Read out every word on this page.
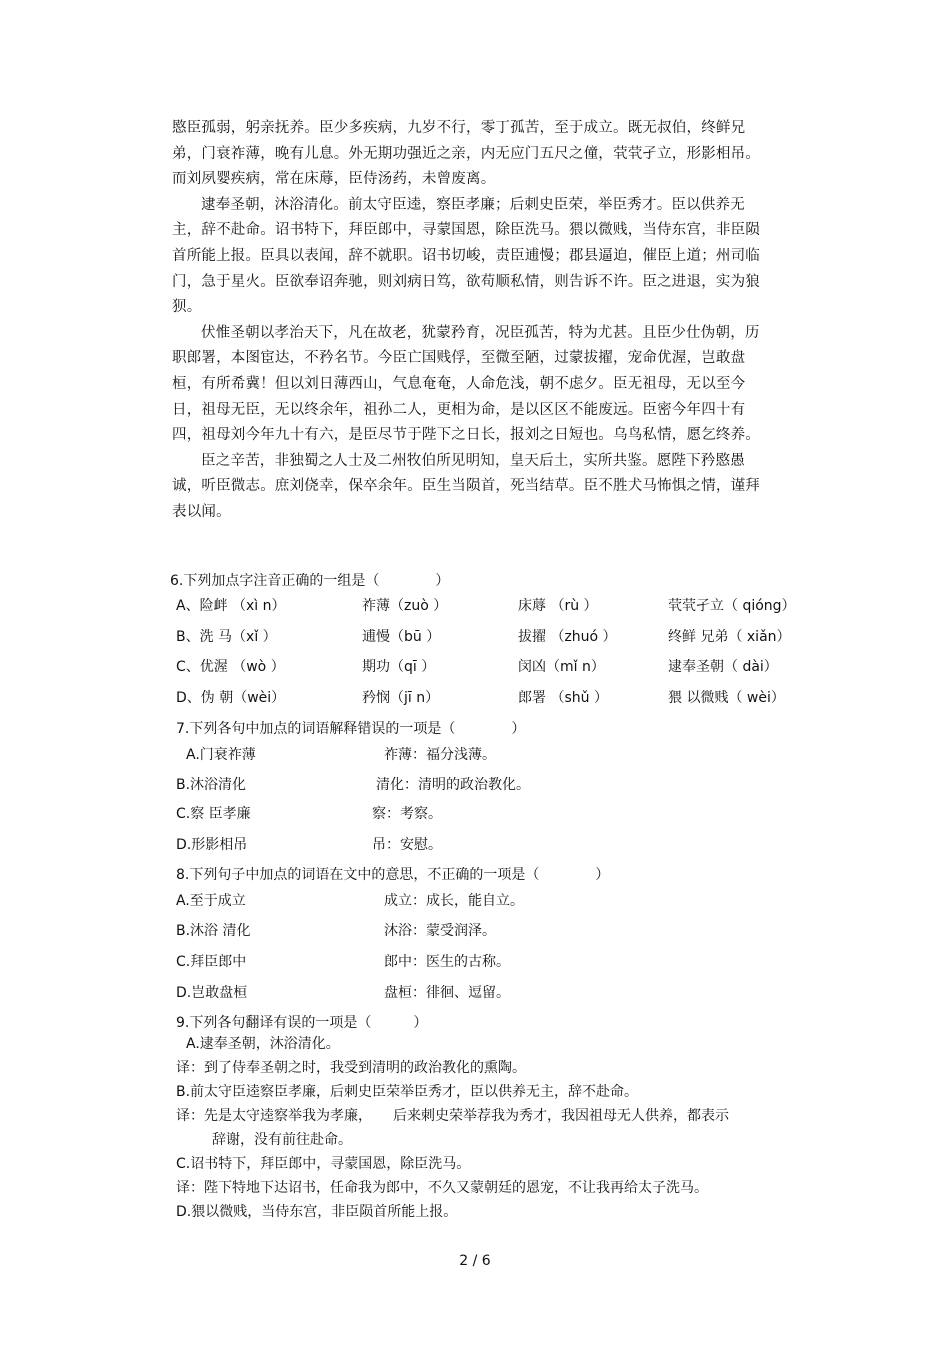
愍臣孤弱，躬亲抚养。臣少多疾病，九岁不行，零丁孤苦，至于成立。既无叔伯，终鲜兄弟，门衰祚薄，晚有儿息。外无期功强近之亲，内无应门五尺之僮，茕茕孑立，形影相吊。而刘夙婴疾病，常在床蓐，臣侍汤药，未曾废离。

逮奉圣朝，沐浴清化。前太守臣逵，察臣孝廉；后刺史臣荣，举臣秀才。臣以供养无主，辞不赴命。诏书特下，拜臣郎中，寻蒙国恩，除臣洗马。猥以微贱，当侍东宫，非臣陨首所能上报。臣具以表闻，辞不就职。诏书切峻，责臣逋慢；郡县逼迫，催臣上道；州司临门，急于星火。臣欲奉诏奔驰，则刘病日笃，欲苟顺私情，则告诉不许。臣之进退，实为狼狈。

伏惟圣朝以孝治天下，凡在故老，犹蒙矜育，况臣孤苦，特为尤甚。且臣少仕伪朝，历职郎署，本图宦达，不矜名节。今臣亡国贱俘，至微至陋，过蒙拔擢，宠命优渥，岂敢盘桓，有所希冀！但以刘日薄西山，气息奄奄，人命危浅，朝不虑夕。臣无祖母，无以至今日，祖母无臣，无以终余年，祖孙二人，更相为命，是以区区不能废远。臣密今年四十有四，祖母刘今年九十有六，是臣尽节于陛下之日长，报刘之日短也。乌鸟私情，愿乞终养。

臣之辛苦，非独蜀之人士及二州牧伯所见明知，皇天后土，实所共鉴。愿陛下矜愍愚诚，听臣微志。庶刘侥幸，保卒余年。臣生当陨首，死当结草。臣不胜犬马怖惧之情，谨拜表以闻。

6.下列加点字注音正确的一组是（　　　　）
A、险衅 （xì n）	祚薄（zuò ）	床蓐 （rù ）	茕茕孑立（ qióng）
B、洗 马（xǐ ）	逋慢（bū ）	拔擢 （zhuó ）	终鲜 兄弟（ xiǎn）
C、优渥 （wò ）	期功（qī ）	闵凶（mǐ n）	逮奉圣朝（ dài）
D、伪 朝（wèi）	矜悯（jī n）	郎署 （shǔ ）	猥 以微贱（ wèi）
7.下列各句中加点的词语解释错误的一项是（　　　　）
A.门衰祚薄	祚薄：福分浅薄。
B.沐浴清化	清化：清明的政治教化。
C.察 臣孝廉	察：考察。
D.形影相吊	吊：安慰。
8.下列句子中加点的词语在文中的意思，不正确的一项是（　　　　）
A.至于成立	成立：成长，能自立。
B.沐浴 清化	沐浴：蒙受润泽。
C.拜臣郎中	郎中：医生的古称。
D.岂敢盘桓	盘桓：徘徊、逗留。
9.下列各句翻译有误的一项是（　　　）

A.逮奉圣朝，沐浴清化。

译：到了侍奉圣朝之时，我受到清明的政治教化的熏陶。

B.前太守臣逵察臣孝廉，后刺史臣荣举臣秀才，臣以供养无主，辞不赴命。

译：先是太守逵察举我为孝廉，　　后来刺史荣举荐我为秀才，我因祖母无人供养，都表示

辞谢，没有前往赴命。

C.诏书特下，拜臣郎中，寻蒙国恩，除臣洗马。

译：陛下特地下达诏书，任命我为郎中，不久又蒙朝廷的恩宠，不让我再给太子洗马。

D.猥以微贱，当侍东宫，非臣陨首所能上报。

2 / 6
